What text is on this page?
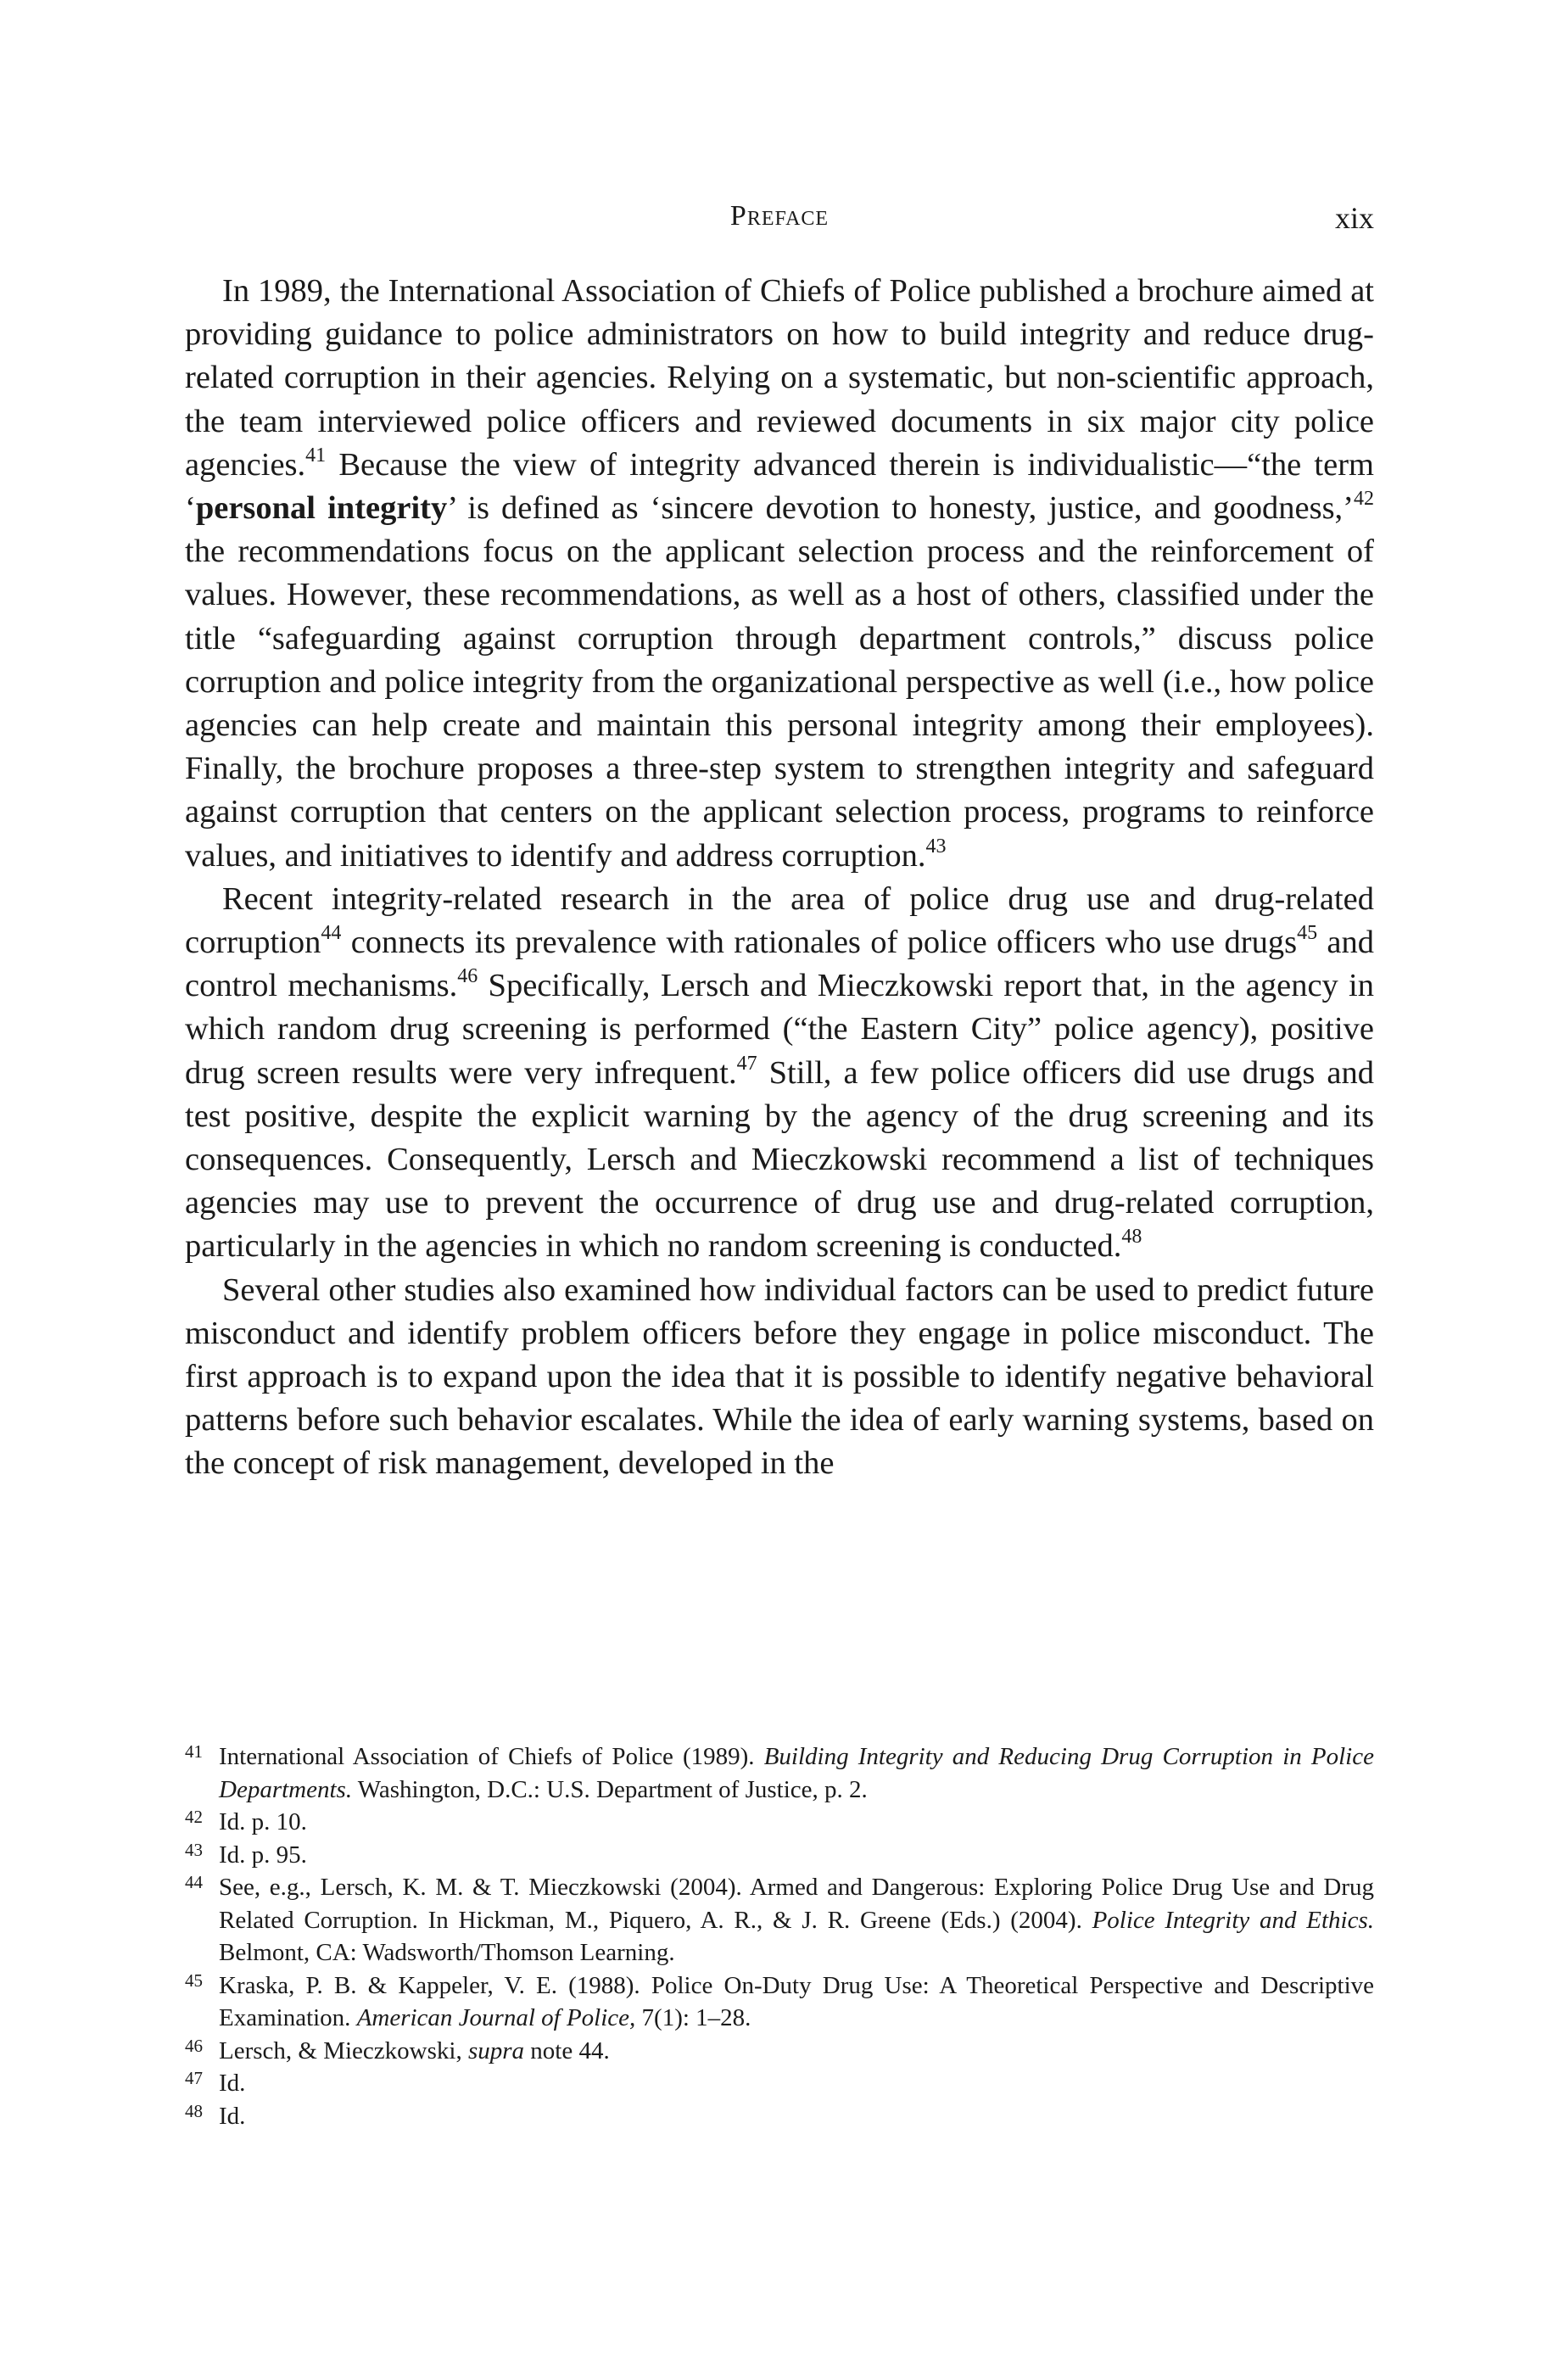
Preface	xix

In 1989, the International Association of Chiefs of Police published a brochure aimed at providing guidance to police administrators on how to build integrity and reduce drug-related corruption in their agencies. Relying on a systematic, but non-scientific approach, the team interviewed police officers and reviewed documents in six major city police agencies.$^{41}$ Because the view of integrity advanced therein is individualistic—“the term ‘personal integrity’ is defined as ‘sincere devotion to honesty, justice, and goodness,’$^{42}$ the recommendations focus on the applicant selection process and the reinforcement of values. However, these recommendations, as well as a host of others, classified under the title “safeguarding against corruption through department controls,” discuss police corruption and police integrity from the organizational perspective as well (i.e., how police agencies can help create and maintain this personal integrity among their employees). Finally, the brochure proposes a three-step system to strengthen integrity and safeguard against corruption that centers on the applicant selection process, programs to reinforce values, and initiatives to identify and address corruption.$^{43}$

Recent integrity-related research in the area of police drug use and drug-related corruption$^{44}$ connects its prevalence with rationales of police officers who use drugs$^{45}$ and control mechanisms.$^{46}$ Specifically, Lersch and Mieczkowski report that, in the agency in which random drug screening is performed (“the Eastern City” police agency), positive drug screen results were very infrequent.$^{47}$ Still, a few police officers did use drugs and test positive, despite the explicit warning by the agency of the drug screening and its consequences. Consequently, Lersch and Mieczkowski recommend a list of techniques agencies may use to prevent the occurrence of drug use and drug-related corruption, particularly in the agencies in which no random screening is conducted.$^{48}$

Several other studies also examined how individual factors can be used to predict future misconduct and identify problem officers before they engage in police misconduct. The first approach is to expand upon the idea that it is possible to identify negative behavioral patterns before such behavior escalates. While the idea of early warning systems, based on the concept of risk management, developed in the

41 International Association of Chiefs of Police (1989). Building Integrity and Reducing Drug Corruption in Police Departments. Washington, D.C.: U.S. Department of Justice, p. 2.

42 Id. p. 10.

43 Id. p. 95.

44 See, e.g., Lersch, K. M. & T. Mieczkowski (2004). Armed and Dangerous: Exploring Police Drug Use and Drug Related Corruption. In Hickman, M., Piquero, A. R., & J. R. Greene (Eds.) (2004). Police Integrity and Ethics. Belmont, CA: Wadsworth/Thomson Learning.

45 Kraska, P. B. & Kappeler, V. E. (1988). Police On-Duty Drug Use: A Theoretical Perspective and Descriptive Examination. American Journal of Police, 7(1): 1–28.

46 Lersch, & Mieczkowski, supra note 44.

47 Id.

48 Id.
